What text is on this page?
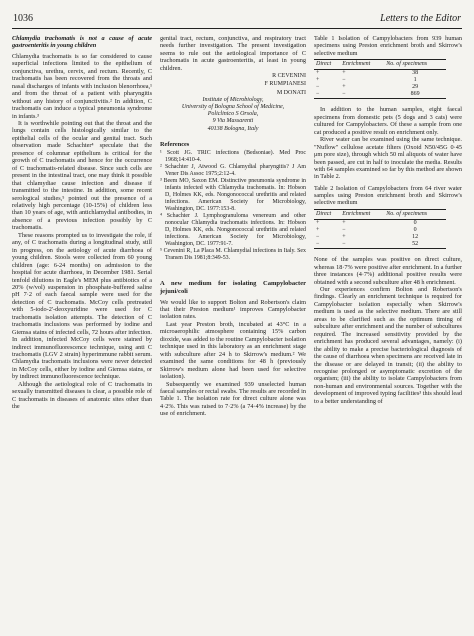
1036	Letters to the Editor

Chlamydia trachomatis is not a cause of acute gastroenteritis in young children

Chlamydia trachomatis is so far considered to cause superficial infections limited to the epithelium of conjunctiva, urethra, cervix, and rectum. Recently, C trachomatis has been recovered from the throats and nasal discharges of infants with inclusion blenorrhoea,¹ and from the throat of a patient with pharyngitis without any history of conjunctivitis.² In addition, C trachomatis can induce a typical pneumonia syndrome in infants.³

It is worthwhile pointing out that the throat and the lungs contain cells histologically similar to the epithelial cells of the ocular and genital tract. Such observation made Schachter⁴ speculate that the presence of columnar epithelium is critical for the growth of C trachomatis and hence for the occurrence of C trachomatis-related disease. Since such cells are present in the intestinal tract, one may think it possible that chlamydiae cause infection and disease if transmitted to the intestine. In addition, some recent serological studies,⁵ pointed out the presence of a relatively high percentage (10-15%) of children less than 10 years of age, with antichlamydial antibodies, in absence of a previous infection possibly by C trachomatis.

These reasons prompted us to investigate the role, if any, of C trachomatis during a longitudinal study, still in progress, on the aetiology of acute diarrhoea of young children. Stools were collected from 60 young children (age: 6-24 months) on admission to the hospital for acute diarrhoea, in December 1981. Serial tenfold dilutions in Eagle's MEM plus antibiotics of a 20% (w/vol) suspension in phosphate-buffered saline pH 7·2 of each faecal sample were used for the detection of C trachomatis. McCoy cells pretreated with 5-iodo-2'-deoxyuridine were used for C trachomatis isolation attempts. The detection of C trachomatis inclusions was performed by iodine and Giemsa stains of infected cells, 72 hours after infection. In addition, infected McCoy cells were stained by indirect immunofluorescence technique, using anti C trachomatis (LGV 2 strain) hyperimmune rabbit serum. Chlamydia trachomatis inclusions were never detected in McCoy cells, either by iodine and Giemsa stains, or by indirect immunofluorescence technique.

Although the aetiological role of C trachomatis in sexually transmitted diseases is clear, a possible role of C trachomatis in diseases of anatomic sites other than the

genital tract, rectum, conjunctiva, and respiratory tract needs further investigation. The present investigation seems to rule out the aetiological importance of C trachomatis in acute gastroenteritis, at least in young children.

R CEVENINI
F RUMPIANESI
M DONATI
Institute of Microbiology,
University of Bologna School of Medicine,
Policlinico S Orsola,
9 Via Massarenti
40138 Bologna, Italy
References

¹ Scott JG. TRIC infections (Bedsoniae). Med Proc 1968;14:410-4.

² Schachter J, Atwood G. Chlamydial pharyngitis? J Am Vener Dis Assoc 1975;2:12-4.

³ Beem MO, Saxon EM. Distinctive pneumonia syndrome in infants infected with Chlamydia trachomatis. In: Hobson D, Holmes KK, eds. Nongonococcal urethritis and related infections. American Society for Microbiology, Washington, DC. 1977:153-8.

⁴ Schachter J. Lymphogranuloma venereum and other nonocular Chlamydia trachomatis infections. In: Hobson D, Holmes KK, eds. Nongonococcal urethritis and related infections. American Society for Microbiology, Washington, DC. 1977:91-7.

⁵ Cevenini R, La Placa M. Chlamydial infections in Italy. Sex Transm Dis 1981;8:349-53.

A new medium for isolating Campylobacter jejuni/coli

We would like to support Bolton and Robertson's claim that their Preston medium¹ improves Campylobacter isolation rates.

Last year Preston broth, incubated at 43°C in a microaerophilic atmosphere containing 15% carbon dioxide, was added to the routine Campylobacter isolation technique used in this laboratory as an enrichment stage with subculture after 24 h to Skirrow's medium.² We examined the same conditions for 48 h (previously Skirrow's medium alone had been used for selective isolation).

Subsequently we examined 939 unselected human faecal samples or rectal swabs. The results are recorded in Table 1. The isolation rate for direct culture alone was 4·2%. This was raised to 7·2% (a 74·4% increase) by the use of enrichment.

Table 1 Isolation of Campylobacters from 939 human specimens using Preston enrichment broth and Skirrow's selective medium

Direct	Enrichment	No. of specimens
+	+	38
+	−	1
−	+	29
−	−	869

In addition to the human samples, eight faecal specimens from domestic pets (5 dogs and 3 cats) were cultured for Campylobacters. Of these a sample from one cat produced a positive result on enrichment only.

River water can be examined using the same technique. "Nuflow" cellulose acetate filters (Oxoid N50/45G 0·45 μm pore size), through which 50 ml aliquots of water have been passed, are cut in half to inoculate the media. Results with 64 samples examined so far by this method are shown in Table 2.

Table 2 Isolation of Campylobacters from 64 river water samples using Preston enrichment broth and Skirrow's selective medium

Direct	Enrichment	No. of specimens
+	+	0
+	−	0
−	+	12
−	−	52

None of the samples was positive on direct culture, whereas 18·7% were positive after enrichment. In a further three instances (4·7%) additional positive results were obtained with a second subculture after 48 h enrichment.

Our experiences confirm Bolton and Robertson's findings. Clearly an enrichment technique is required for Campylobacter isolation especially when Skirrow's medium is used as the selective medium. There are still areas to be clarified such as the optimum timing of subculture after enrichment and the number of subcultures required. The increased sensitivity provided by the enrichment has produced several advantages, namely: (i) the ability to make a precise bacteriological diagnosis of the cause of diarrhoea when specimens are received late in the disease or are delayed in transit; (ii) the ability to recognise prolonged or asymptomatic excretion of the organism; (iii) the ability to isolate Campylobacters from non-human and environmental sources. Together with the development of improved typing facilities³ this should lead to a better understanding of
